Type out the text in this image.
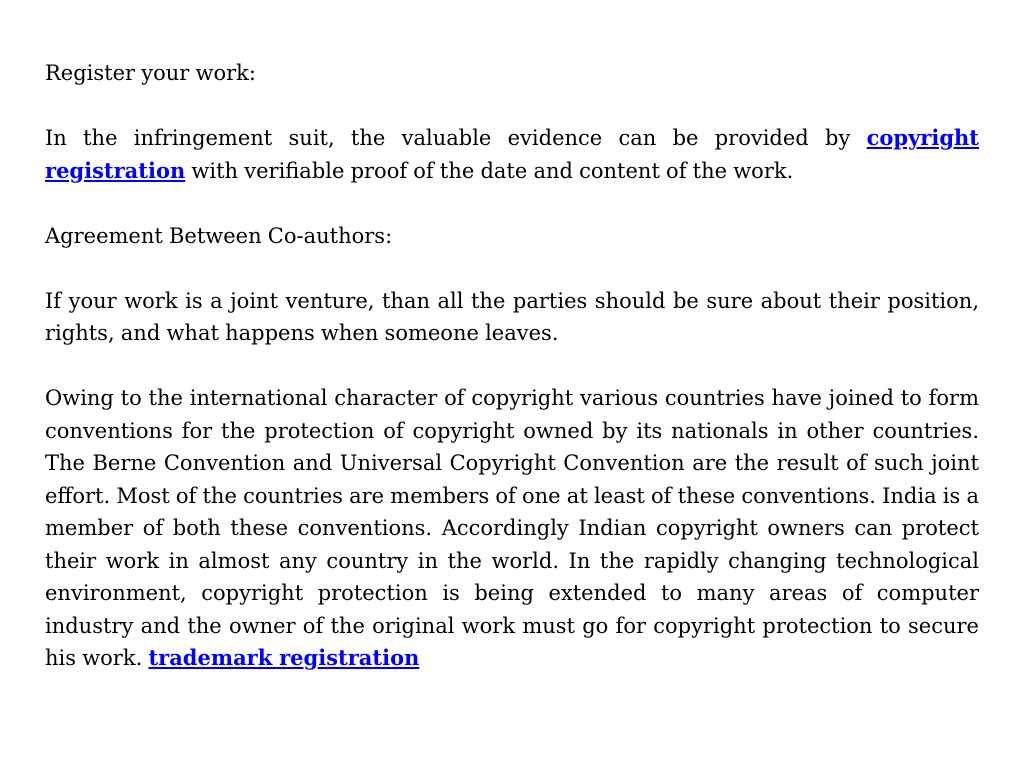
Register your work:

In the infringement suit, the valuable evidence can be provided by copyright registration with verifiable proof of the date and content of the work.

Agreement Between Co-authors:

If your work is a joint venture, than all the parties should be sure about their position, rights, and what happens when someone leaves.

Owing to the international character of copyright various countries have joined to form conventions for the protection of copyright owned by its nationals in other countries. The Berne Convention and Universal Copyright Convention are the result of such joint effort. Most of the countries are members of one at least of these conventions. India is a member of both these conventions. Accordingly Indian copyright owners can protect their work in almost any country in the world. In the rapidly changing technological environment, copyright protection is being extended to many areas of computer industry and the owner of the original work must go for copyright protection to secure his work. trademark registration
